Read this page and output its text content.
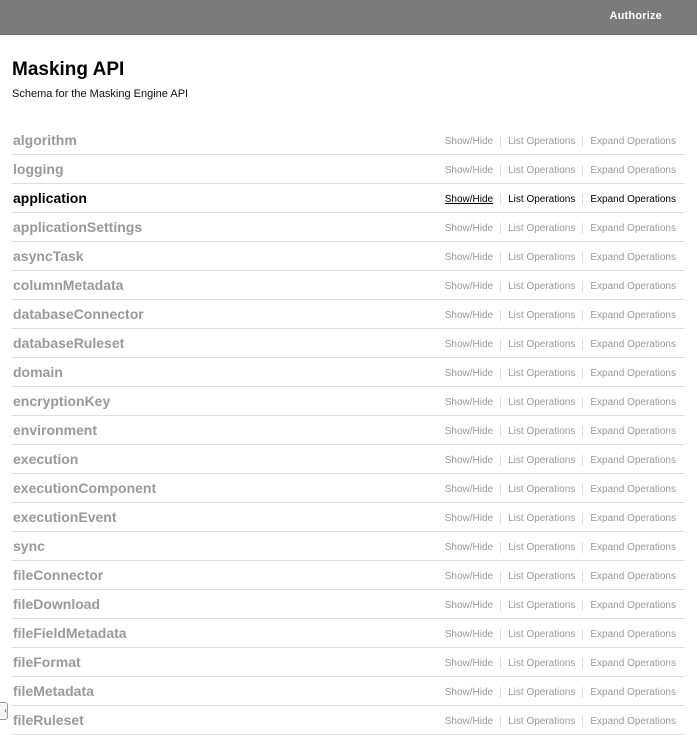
Authorize
Masking API
Schema for the Masking Engine API
algorithm	Show/Hide List Operations Expand Operations
logging	Show/Hide List Operations Expand Operations
application	Show/Hide List Operations Expand Operations
applicationSettings	Show/Hide List Operations Expand Operations
asyncTask	Show/Hide List Operations Expand Operations
columnMetadata	Show/Hide List Operations Expand Operations
databaseConnector	Show/Hide List Operations Expand Operations
databaseRuleset	Show/Hide List Operations Expand Operations
domain	Show/Hide List Operations Expand Operations
encryptionKey	Show/Hide List Operations Expand Operations
environment	Show/Hide List Operations Expand Operations
execution	Show/Hide List Operations Expand Operations
executionComponent	Show/Hide List Operations Expand Operations
executionEvent	Show/Hide List Operations Expand Operations
sync	Show/Hide List Operations Expand Operations
fileConnector	Show/Hide List Operations Expand Operations
fileDownload	Show/Hide List Operations Expand Operations
fileFieldMetadata	Show/Hide List Operations Expand Operations
fileFormat	Show/Hide List Operations Expand Operations
fileMetadata	Show/Hide List Operations Expand Operations
fileRuleset	Show/Hide List Operations Expand Operations
‹
